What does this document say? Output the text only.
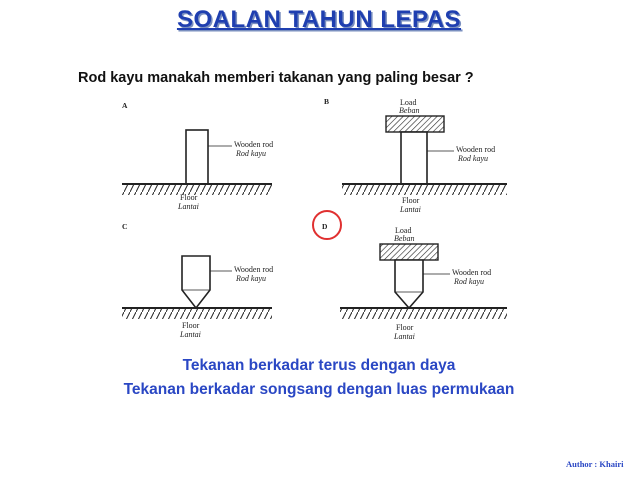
SOALAN TAHUN LEPAS
Rod kayu manakah memberi takanan yang paling besar ?
A
Wooden rod
Rod kayu
Floor
Lantai
B	Load
Beban
Wooden rod
Rod kayu
Floor
Lantai
C
Wooden rod
Rod kayu
Floor
Lantai
D	Load
Beban
Wooden rod
Rod kayu
Floor
Lantai
Tekanan berkadar terus dengan daya
Tekanan berkadar songsang dengan luas permukaan
Author : Khairi
